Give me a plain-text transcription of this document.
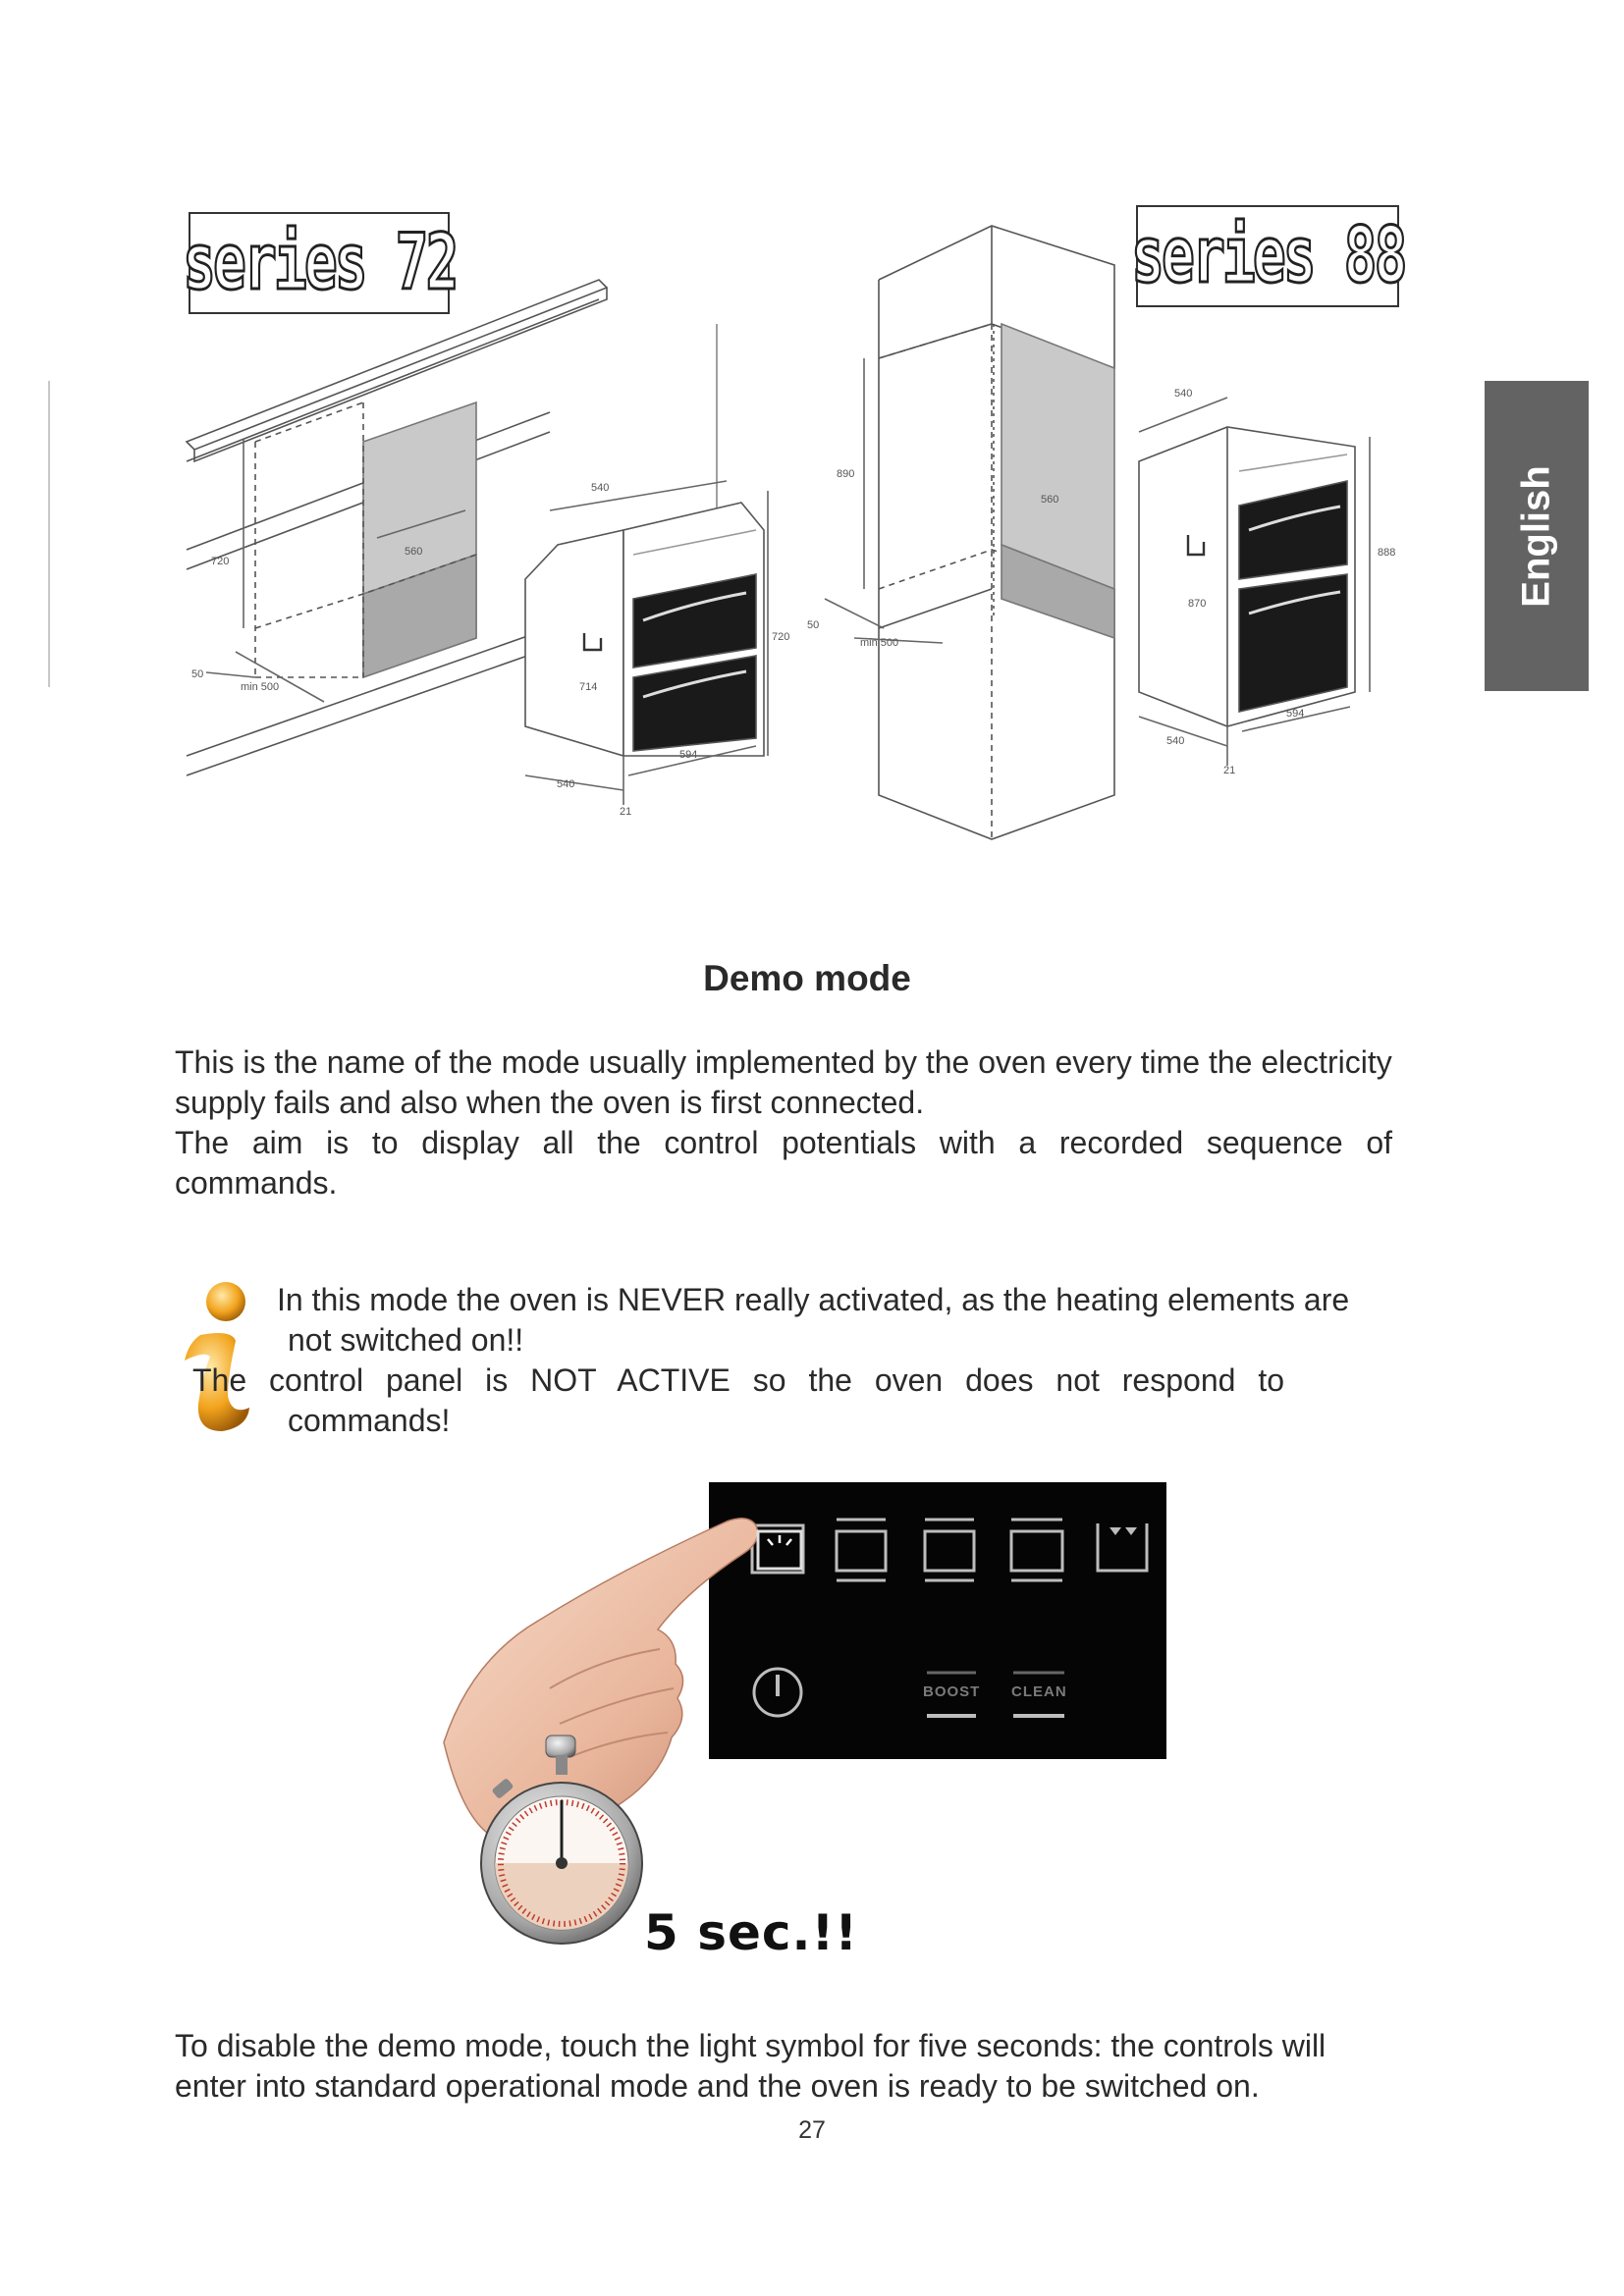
720
560
50
min 500
540
720
714
594
540
21
890
560
50
min 500
540
888
870
594
540
21
series 72	series 88
English
Demo mode
This is the name of the mode usually implemented by the oven every time the electricity
supply fails and also when the oven is first connected.
The aim is to display all the control potentials with a recorded sequence of
commands.
In this mode the oven is NEVER really activated, as the heating elements are
not switched on!!
The control panel is NOT ACTIVE so the oven does not respond to
commands!
BOOST CLEAN
5 sec.!!
To disable the demo mode, touch the light symbol for five seconds: the controls will
enter into standard operational mode and the oven is ready to be switched on.
27
